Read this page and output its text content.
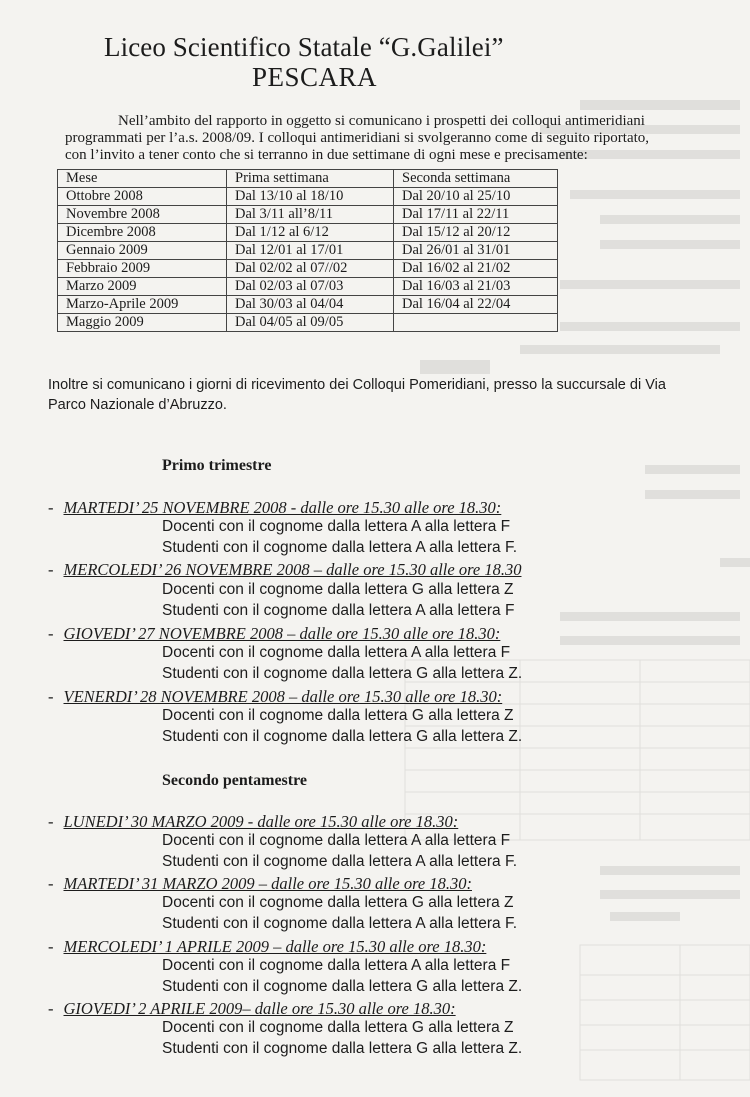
Liceo Scientifico Statale “G.Galilei”
PESCARA
Nell’ambito del rapporto in oggetto si comunicano i prospetti dei colloqui antimeridiani
programmati per l’a.s. 2008/09. I colloqui antimeridiani si svolgeranno come di seguito riportato,
con l’invito a tener conto che si terranno in due settimane di ogni mese e precisamente:
Mese	Prima settimana	Seconda settimana
Ottobre 2008	Dal 13/10 al 18/10	Dal 20/10 al 25/10
Novembre 2008	Dal 3/11 all’8/11	Dal 17/11 al 22/11
Dicembre 2008	Dal 1/12 al 6/12	Dal 15/12 al 20/12
Gennaio 2009	Dal 12/01 al 17/01	Dal 26/01 al 31/01
Febbraio 2009	Dal 02/02 al 07//02	Dal 16/02 al 21/02
Marzo 2009	Dal 02/03 al 07/03	Dal 16/03 al 21/03
Marzo-Aprile 2009	Dal 30/03 al 04/04	Dal 16/04 al 22/04
Maggio 2009	Dal 04/05 al 09/05	
Inoltre si comunicano i giorni di ricevimento dei Colloqui Pomeridiani, presso la succursale di Via
Parco Nazionale d’Abruzzo.
Primo trimestre
- MARTEDI’ 25 NOVEMBRE 2008 - dalle ore 15.30 alle ore 18.30:
Docenti con il cognome dalla lettera A alla lettera F
Studenti con il cognome dalla lettera A alla lettera F.
- MERCOLEDI’ 26 NOVEMBRE 2008 – dalle ore 15.30 alle ore 18.30
Docenti con il cognome dalla lettera G alla lettera Z
Studenti con il cognome dalla lettera A alla lettera F
- GIOVEDI’ 27 NOVEMBRE 2008 – dalle ore 15.30 alle ore 18.30:
Docenti con il cognome dalla lettera A alla lettera F
Studenti con il cognome dalla lettera G alla lettera Z.
- VENERDI’ 28 NOVEMBRE 2008 – dalle ore 15.30 alle ore 18.30:
Docenti con il cognome dalla lettera G alla lettera Z
Studenti con il cognome dalla lettera G alla lettera Z.
Secondo pentamestre
- LUNEDI’ 30 MARZO 2009 - dalle ore 15.30 alle ore 18.30:
Docenti con il cognome dalla lettera A alla lettera F
Studenti con il cognome dalla lettera A alla lettera F.
- MARTEDI’ 31 MARZO 2009 – dalle ore 15.30 alle ore 18.30:
Docenti con il cognome dalla lettera G alla lettera Z
Studenti con il cognome dalla lettera A alla lettera F.
- MERCOLEDI’ 1 APRILE 2009 – dalle ore 15.30 alle ore 18.30:
Docenti con il cognome dalla lettera A alla lettera F
Studenti con il cognome dalla lettera G alla lettera Z.
- GIOVEDI’ 2 APRILE 2009– dalle ore 15.30 alle ore 18.30:
Docenti con il cognome dalla lettera G alla lettera Z
Studenti con il cognome dalla lettera G alla lettera Z.
